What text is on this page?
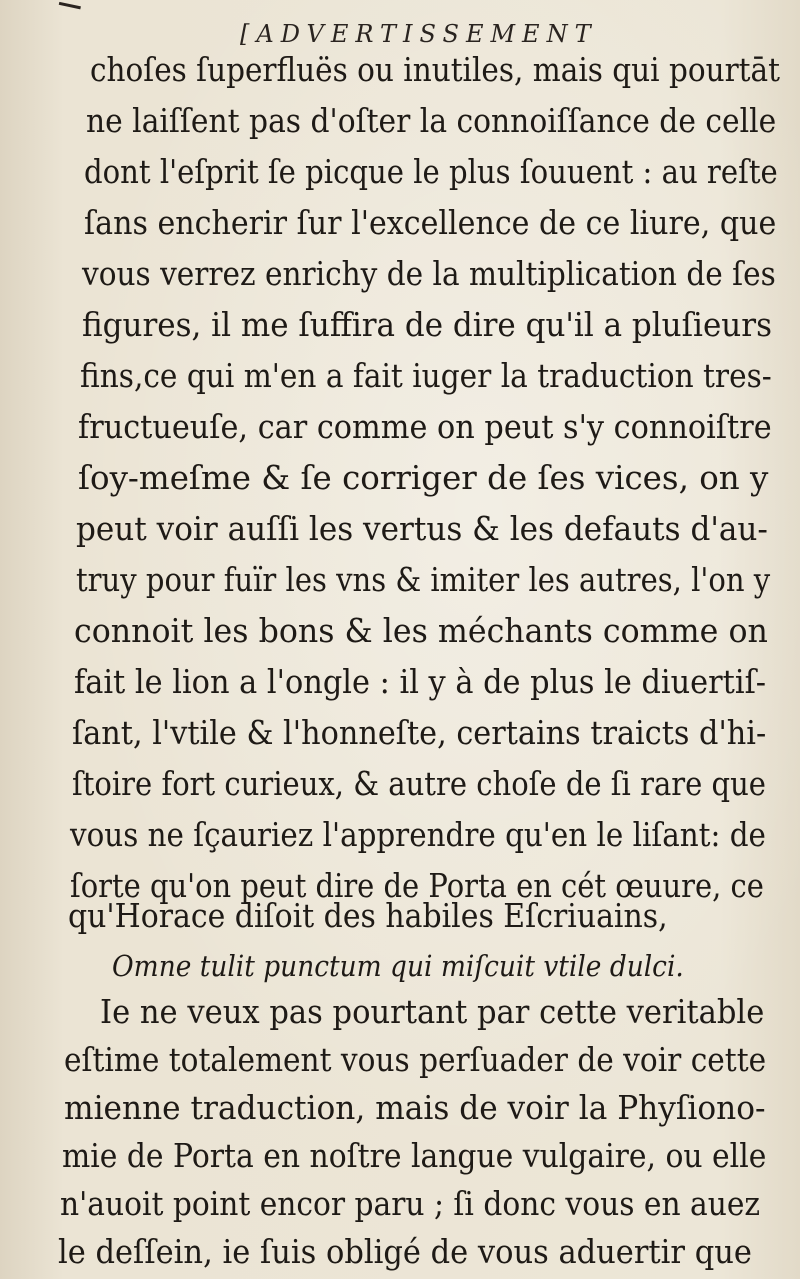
[ADVERTISSEMENT
choſes ſuperfluës ou inutiles, mais qui pourtāt
ne laiſſent pas d'oſter la connoiſſance de celle
dont l'eſprit ſe picque le plus ſouuent : au reſte
ſans encherir ſur l'excellence de ce liure, que
vous verrez enrichy de la multiplication de ſes
figures, il me ſuffira de dire qu'il a pluſieurs
fins,ce qui m'en a fait iuger la traduction tres-
fructueuſe, car comme on peut s'y connoiſtre
ſoy-meſme & ſe corriger de ſes vices, on y
peut voir auſſi les vertus & les defauts d'au-
truy pour fuïr les vns & imiter les autres, l'on y
connoit les bons & les méchants comme on
fait le lion a l'ongle : il y à de plus le diuertiſ-
ſant, l'vtile & l'honneſte, certains traicts d'hi-
ſtoire fort curieux, & autre choſe de ſi rare que
vous ne ſçauriez l'apprendre qu'en le liſant: de
ſorte qu'on peut dire de Porta en cét œuure, ce
qu'Horace diſoit des habiles Eſcriuains,
Omne tulit punctum qui miſcuit vtile dulci.
Ie ne veux pas pourtant par cette veritable
eſtime totalement vous perſuader de voir cette
mienne traduction, mais de voir la Phyſiono-
mie de Porta en noſtre langue vulgaire, ou elle
n'auoit point encor paru ; ſi donc vous en auez
le deſſein, ie ſuis obligé de vous aduertir que
